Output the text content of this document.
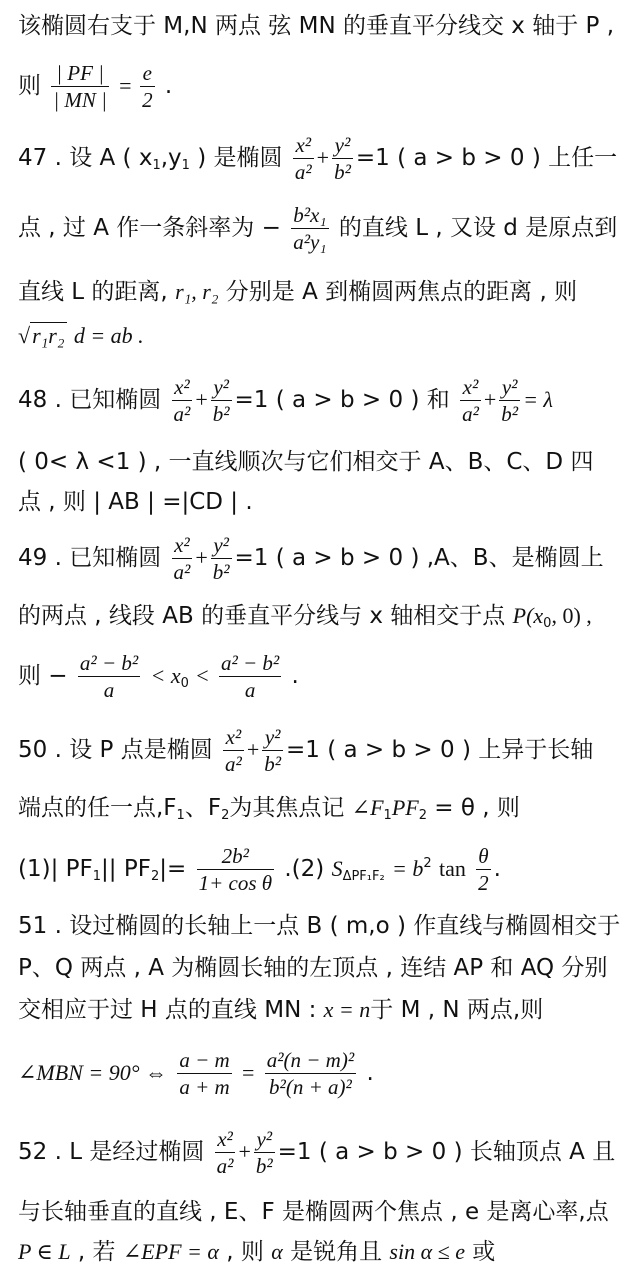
该椭圆右支于 M,N 两点 弦 MN 的垂直平分线交 x 轴于 P ,
则 $\frac{| PF |}{| MN |} = \frac{e}{2}$ .
47 . 设 A ( $x_1,y_1$ ) 是椭圆 $\frac{\text{x²}}{\text{a²}} + \frac{\text{y²}}{\text{b²}} =1$ ( a > b > 0 ) 上任一
点 , 过 A 作一条斜率为 − $\frac{\text{b²x₁}}{\text{a²y₁}}$ 的直线 L , 又设 d 是原点到
直线 L 的距离, r₁, r₂ 分别是 A 到椭圆两焦点的距离 , 则
√r₁r₂ d = ab .
48 . 已知椭圆 $\frac{\text{x²}}{\text{a²}} + \frac{\text{y²}}{\text{b²}} =1$ ( a > b > 0 ) 和 $\frac{\text{x²}}{\text{a²}} + \frac{\text{y²}}{\text{b²}} = \lambda$
( 0< λ <1 ) , 一直线顺次与它们相交于 A、B、C、D 四
点 , 则 | AB | =|CD | .
49 . 已知椭圆 $\frac{\text{x²}}{\text{a²}} + \frac{\text{y²}}{\text{b²}} =1$ ( a > b > 0 ) ,A、B、是椭圆上
的两点 , 线段 AB 的垂直平分线与 x 轴相交于点 $P(x_0$, 0) ,
则 − $\frac{\text{a² − b²}}{a} < x_0 < \frac{\text{a² − b²}}{a}$ .
50 . 设 P 点是椭圆 $\frac{\text{x²}}{\text{a²}} + \frac{\text{y²}}{\text{b²}} =1$ ( a > b > 0 ) 上异于长轴
端点的任一点$,F_1$、$F_2$为其焦点记 $\angle F_1PF_2 = \theta$ , 则
(1)| $PF_1||$ $PF_2|= \frac{\text{2b²}}{\text{1+ cos θ}} .(2) S_{\Delta PF_1F_2} = b^2$ $\tan \frac{\theta}{2}$ .
51 . 设过椭圆的长轴上一点 B ( m,o ) 作直线与椭圆相交于
P、Q 两点 , A 为椭圆长轴的左顶点 , 连结 AP 和 AQ 分别
交相应于过 H 点的直线 MN : x = n于 M , N 两点,则
∠MBN = 90° ⇔ $\frac{a - m}{a + m} = \frac{\text{a²(n − m)²}}{\text{b²(n + a)²}}$ .
52 . L 是经过椭圆 $\frac{\text{x²}}{\text{a²}} + \frac{\text{y²}}{\text{b²}} =1$ ( a > b > 0 ) 长轴顶点 A 且
与长轴垂直的直线 , E、F 是椭圆两个焦点 , e 是离心率,点
P ∈ L , 若 ∠EPF = α , 则 α 是锐角且 sin α ≤ e 或
